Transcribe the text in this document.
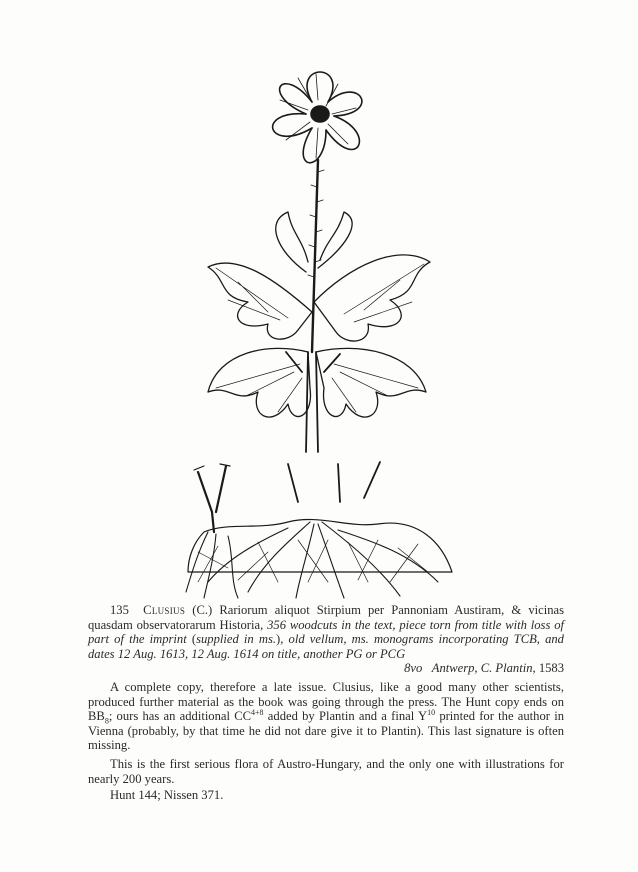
135 Clusius (C.) Rariorum aliquot Stirpium per Pannoniam Austiram, & vicinas quasdam observatorarum Historia, 356 woodcuts in the text, piece torn from title with loss of part of the imprint (supplied in ms.), old vellum, ms. monograms incorporating TCB, and dates 12 Aug. 1613, 12 Aug. 1614 on title, another PG or PCG

8vo Antwerp, C. Plantin, 1583

A complete copy, therefore a late issue. Clusius, like a good many other scientists, produced further material as the book was going through the press. The Hunt copy ends on $BB_8$; ours has an additional $CC^{4+8}$ added by Plantin and a final $Y^{10}$ printed for the author in Vienna (probably, by that time he did not dare give it to Plantin). This last signature is often missing.

This is the first serious flora of Austro-Hungary, and the only one with illustrations for nearly 200 years.

Hunt 144; Nissen 371.
